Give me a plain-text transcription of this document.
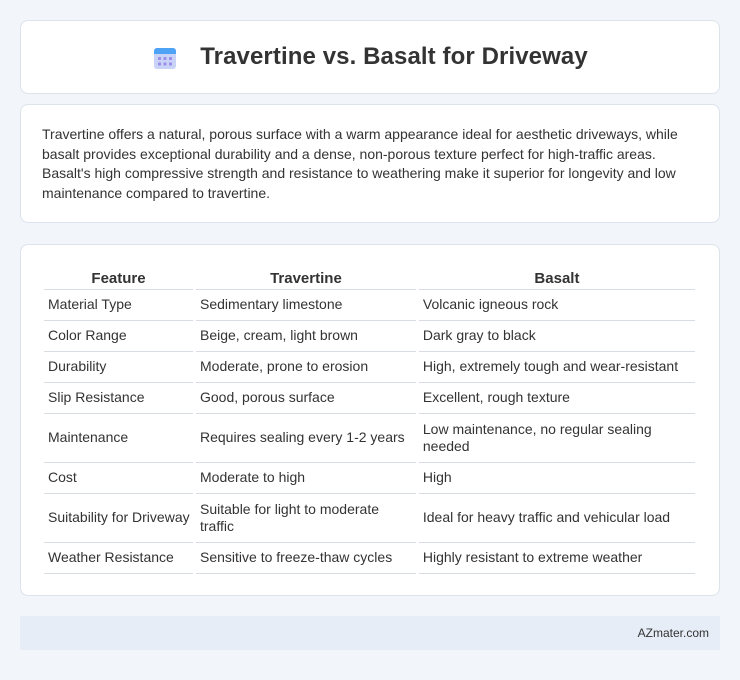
Travertine vs. Basalt for Driveway

Travertine offers a natural, porous surface with a warm appearance ideal for aesthetic driveways, while basalt provides exceptional durability and a dense, non-porous texture perfect for high-traffic areas. Basalt's high compressive strength and resistance to weathering make it superior for longevity and low maintenance compared to travertine.

Feature	Travertine	Basalt
Material Type	Sedimentary limestone	Volcanic igneous rock
Color Range	Beige, cream, light brown	Dark gray to black
Durability	Moderate, prone to erosion	High, extremely tough and wear-resistant
Slip Resistance	Good, porous surface	Excellent, rough texture
Maintenance	Requires sealing every 1-2 years	Low maintenance, no regular sealing needed
Cost	Moderate to high	High
Suitability for Driveway	Suitable for light to moderate traffic	Ideal for heavy traffic and vehicular load
Weather Resistance	Sensitive to freeze-thaw cycles	Highly resistant to extreme weather
AZmater.com
